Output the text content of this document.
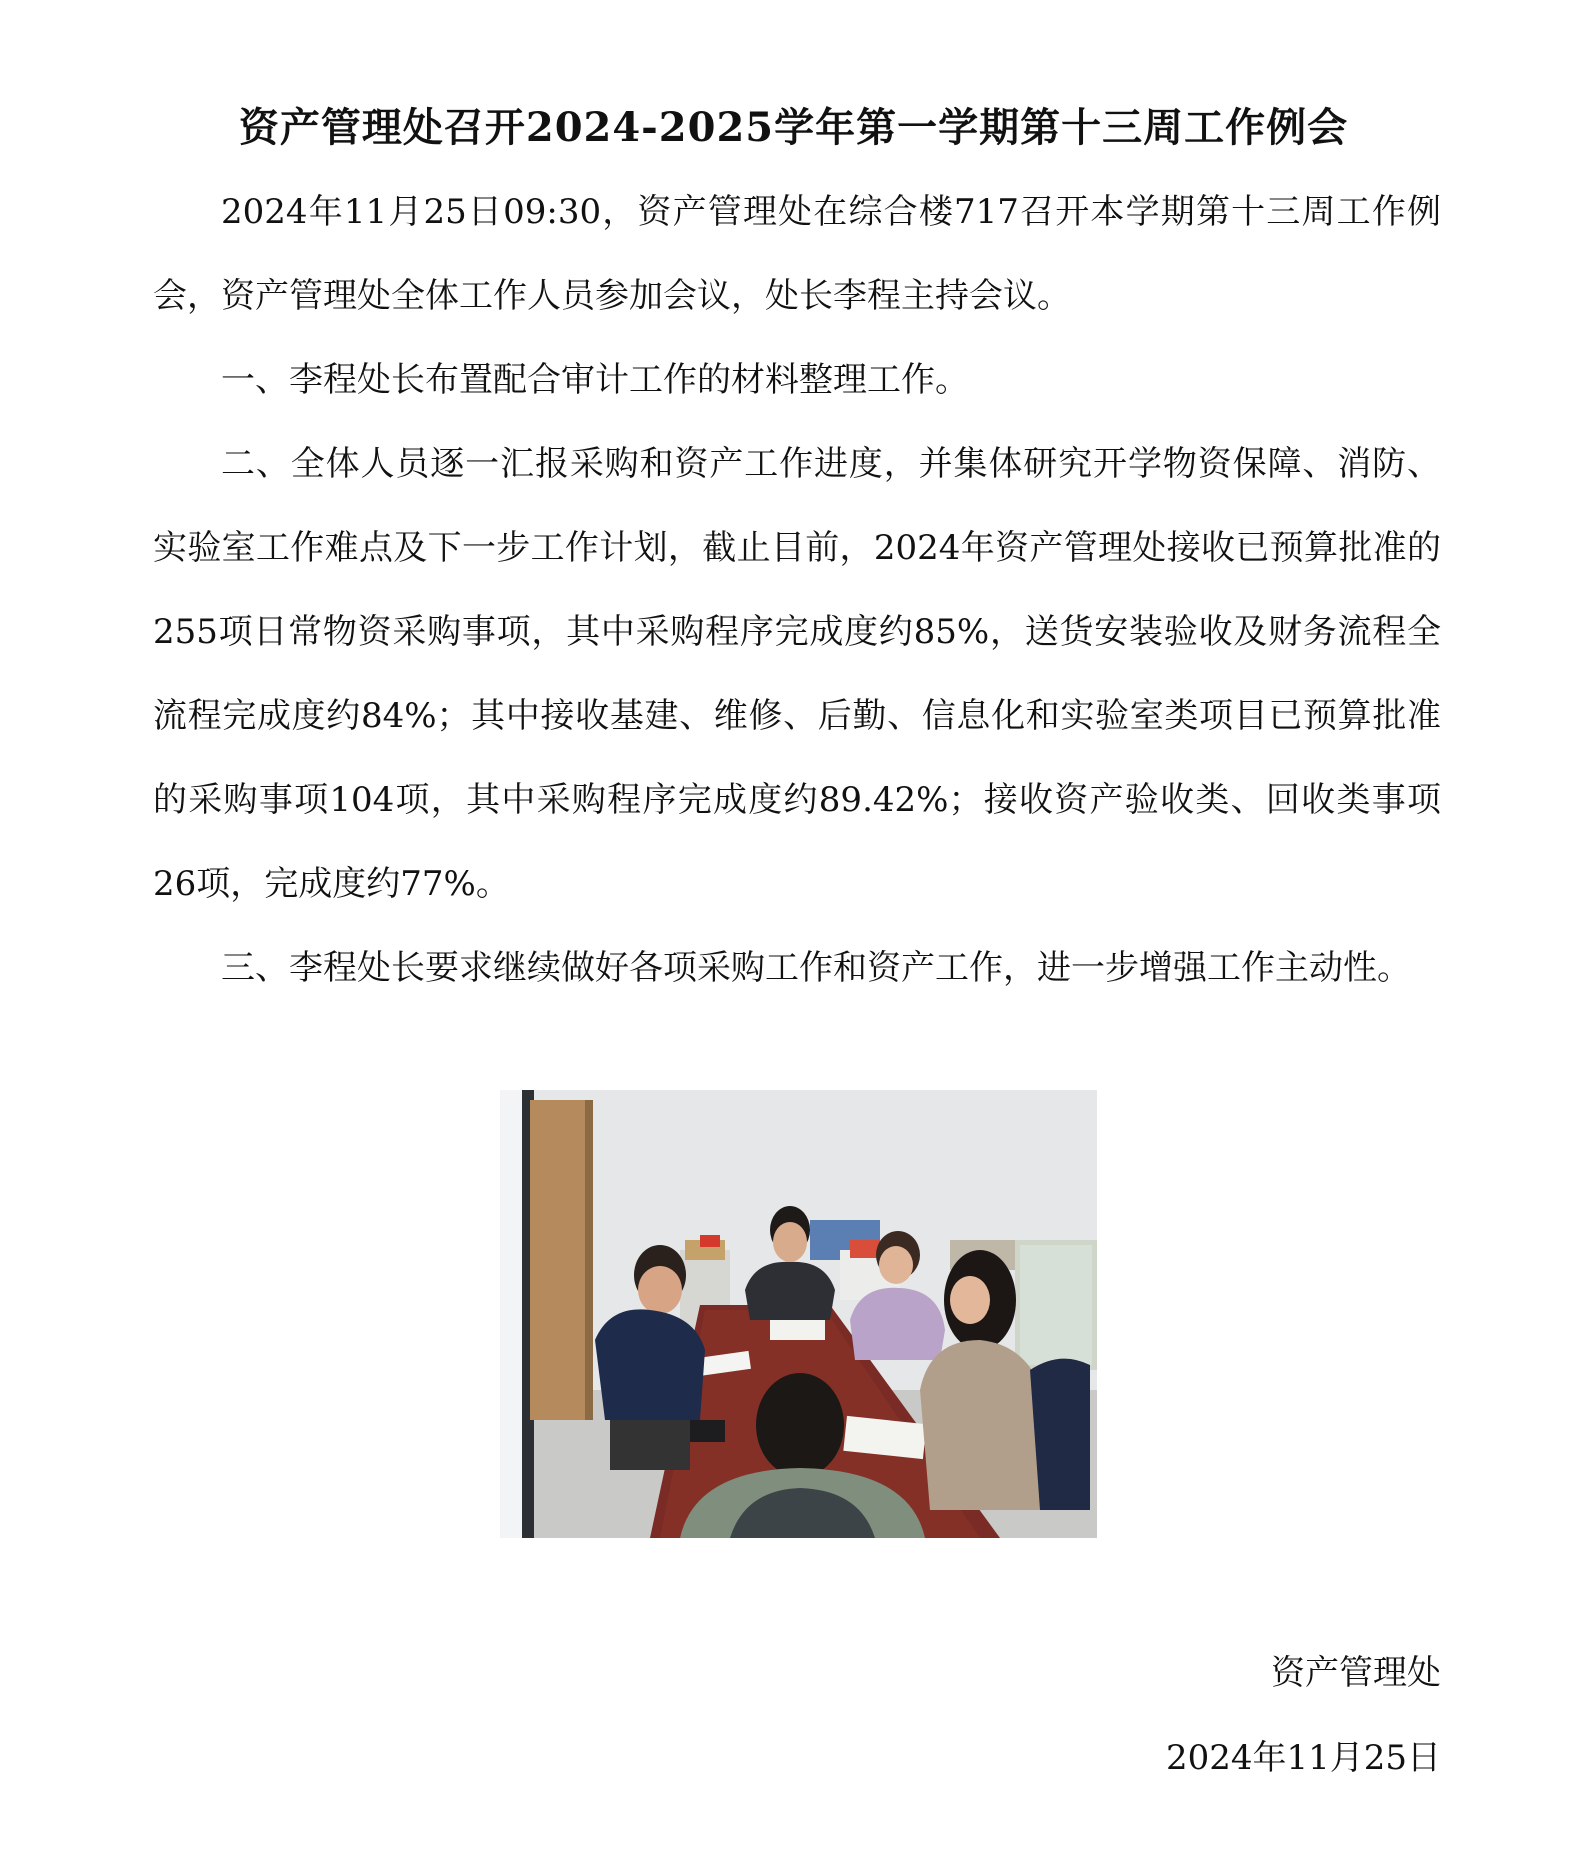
资产管理处召开2024-2025学年第一学期第十三周工作例会

2024年11月25日09:30，资产管理处在综合楼717召开本学期第十三周工作例会，资产管理处全体工作人员参加会议，处长李程主持会议。

一、李程处长布置配合审计工作的材料整理工作。

二、全体人员逐一汇报采购和资产工作进度，并集体研究开学物资保障、消防、实验室工作难点及下一步工作计划，截止目前，2024年资产管理处接收已预算批准的255项日常物资采购事项，其中采购程序完成度约85%，送货安装验收及财务流程全流程完成度约84%；其中接收基建、维修、后勤、信息化和实验室类项目已预算批准的采购事项104项，其中采购程序完成度约89.42%；接收资产验收类、回收类事项26项，完成度约77%。

三、李程处长要求继续做好各项采购工作和资产工作，进一步增强工作主动性。

资产管理处

2024年11月25日
